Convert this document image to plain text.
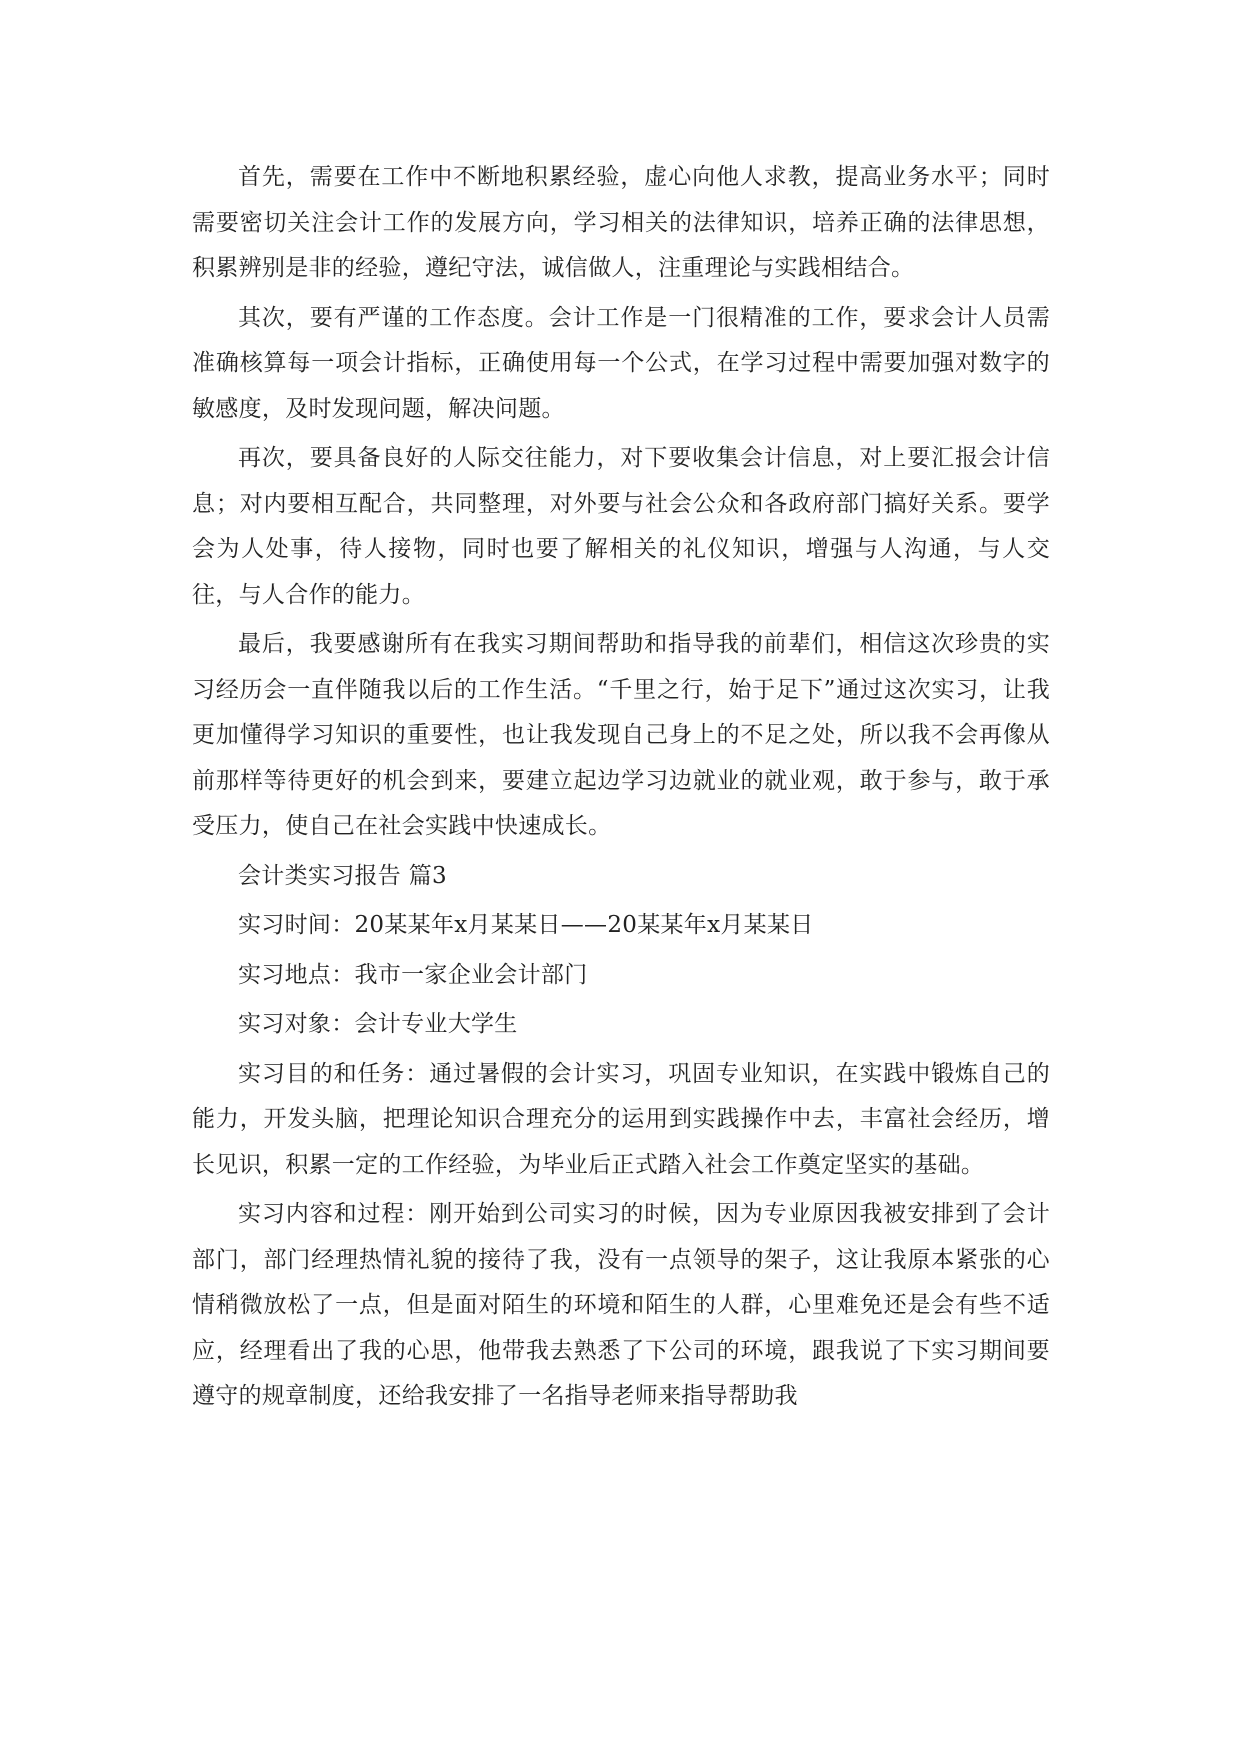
首先，需要在工作中不断地积累经验，虚心向他人求教，提高业务水平；同时需要密切关注会计工作的发展方向，学习相关的法律知识，培养正确的法律思想，积累辨别是非的经验，遵纪守法，诚信做人，注重理论与实践相结合。

其次，要有严谨的工作态度。会计工作是一门很精准的工作，要求会计人员需准确核算每一项会计指标，正确使用每一个公式，在学习过程中需要加强对数字的敏感度，及时发现问题，解决问题。

再次，要具备良好的人际交往能力，对下要收集会计信息，对上要汇报会计信息；对内要相互配合，共同整理，对外要与社会公众和各政府部门搞好关系。要学会为人处事，待人接物，同时也要了解相关的礼仪知识，增强与人沟通，与人交往，与人合作的能力。

最后，我要感谢所有在我实习期间帮助和指导我的前辈们，相信这次珍贵的实习经历会一直伴随我以后的工作生活。“千里之行，始于足下”通过这次实习，让我更加懂得学习知识的重要性，也让我发现自己身上的不足之处，所以我不会再像从前那样等待更好的机会到来，要建立起边学习边就业的就业观，敢于参与，敢于承受压力，使自己在社会实践中快速成长。

会计类实习报告 篇3

实习时间：20某某年x月某某日——20某某年x月某某日

实习地点：我市一家企业会计部门

实习对象：会计专业大学生

实习目的和任务：通过暑假的会计实习，巩固专业知识，在实践中锻炼自己的能力，开发头脑，把理论知识合理充分的运用到实践操作中去，丰富社会经历，增长见识，积累一定的工作经验，为毕业后正式踏入社会工作奠定坚实的基础。

实习内容和过程：刚开始到公司实习的时候，因为专业原因我被安排到了会计部门，部门经理热情礼貌的接待了我，没有一点领导的架子，这让我原本紧张的心情稍微放松了一点，但是面对陌生的环境和陌生的人群，心里难免还是会有些不适应，经理看出了我的心思，他带我去熟悉了下公司的环境，跟我说了下实习期间要遵守的规章制度，还给我安排了一名指导老师来指导帮助我
